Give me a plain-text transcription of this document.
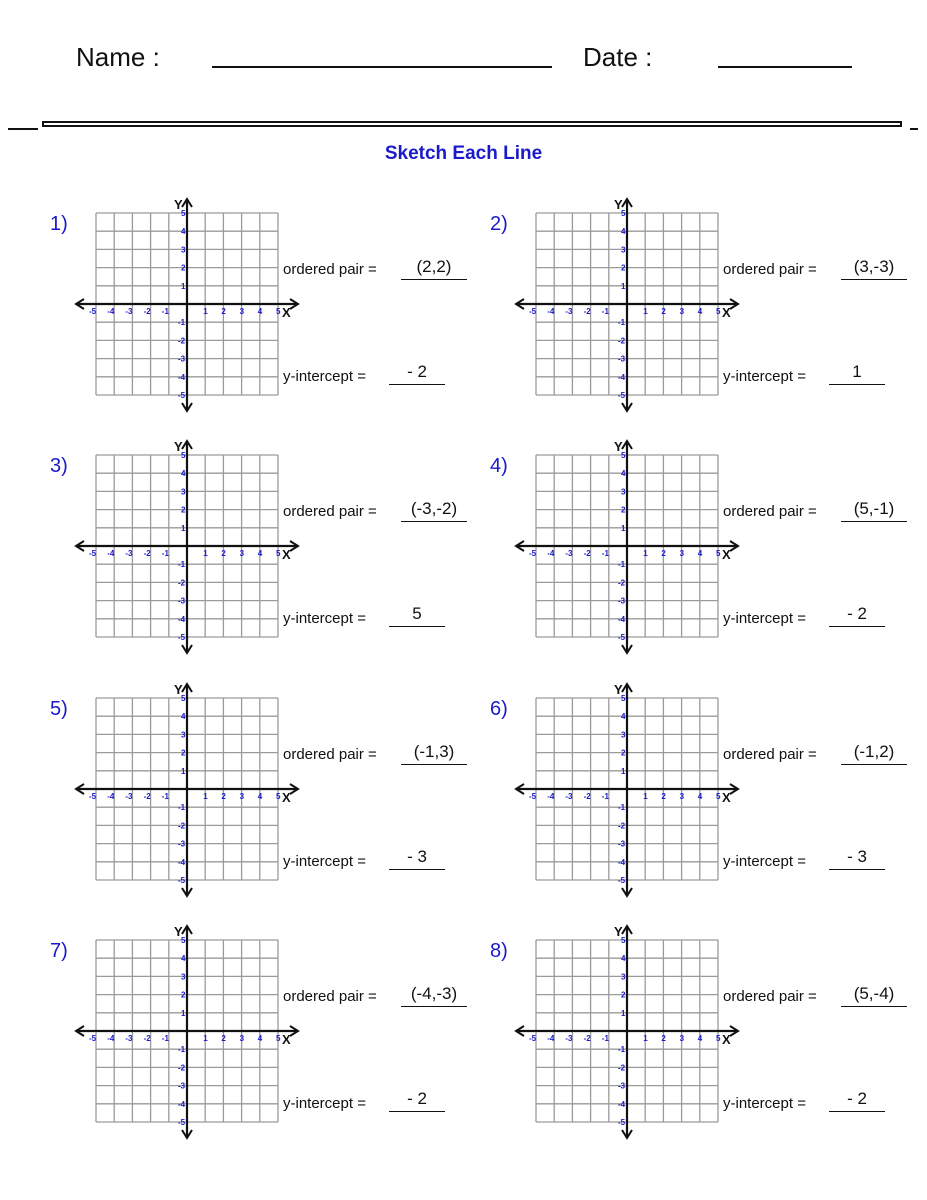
Name :	Date :
Sketch Each Line
1)
X
Y
-5 -4 -3 -2 -1	1 2 3 4 5
5
4
3
2
1
-1
-2
-3
-4
-5
ordered pair =	(2,2)
y-intercept =	- 2
2)
X
Y
-5 -4 -3 -2 -1	1 2 3 4 5
5
4
3
2
1
-1
-2
-3
-4
-5
ordered pair =	(3,-3)
y-intercept =	1
3)
X
Y
-5 -4 -3 -2 -1	1 2 3 4 5
5
4
3
2
1
-1
-2
-3
-4
-5
ordered pair =	(-3,-2)
y-intercept =	5
4)
X
Y
-5 -4 -3 -2 -1	1 2 3 4 5
5
4
3
2
1
-1
-2
-3
-4
-5
ordered pair =	(5,-1)
y-intercept =	- 2
5)
X
Y
-5 -4 -3 -2 -1	1 2 3 4 5
5
4
3
2
1
-1
-2
-3
-4
-5
ordered pair =	(-1,3)
y-intercept =	- 3
6)
X
Y
-5 -4 -3 -2 -1	1 2 3 4 5
5
4
3
2
1
-1
-2
-3
-4
-5
ordered pair =	(-1,2)
y-intercept =	- 3
7)
X
Y
-5 -4 -3 -2 -1	1 2 3 4 5
5
4
3
2
1
-1
-2
-3
-4
-5
ordered pair =	(-4,-3)
y-intercept =	- 2
8)
X
Y
-5 -4 -3 -2 -1	1 2 3 4 5
5
4
3
2
1
-1
-2
-3
-4
-5
ordered pair =	(5,-4)
y-intercept =	- 2
